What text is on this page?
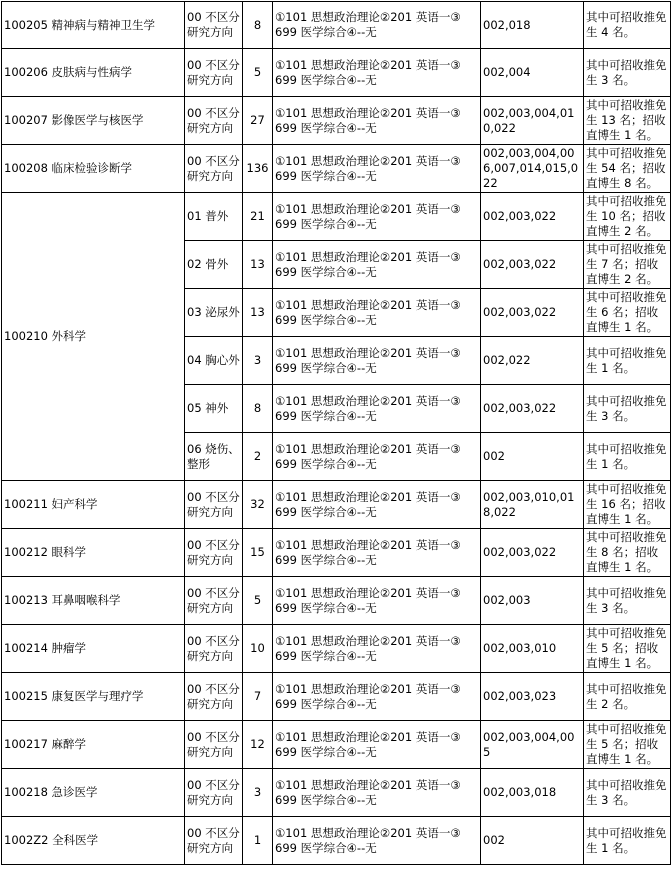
100205 精神病与精神卫生学	00 不区分研究方向	8	①101 思想政治理论②201 英语一③
699 医学综合④--无	002,018	其中可招收推免生 4 名。
100206 皮肤病与性病学	00 不区分研究方向	5	①101 思想政治理论②201 英语一③
699 医学综合④--无	002,004	其中可招收推免生 3 名。
100207 影像医学与核医学	00 不区分研究方向	27	①101 思想政治理论②201 英语一③
699 医学综合④--无	002,003,004,010,022	其中可招收推免生 13 名；招收直博生 1 名。
100208 临床检验诊断学	00 不区分研究方向	136	①101 思想政治理论②201 英语一③
699 医学综合④--无	002,003,004,006,007,014,015,022	其中可招收推免生 54 名；招收直博生 8 名。
100210 外科学	01 普外	21	①101 思想政治理论②201 英语一③
699 医学综合④--无	002,003,022	其中可招收推免生 10 名；招收直博生 2 名。
	02 骨外	13	①101 思想政治理论②201 英语一③
699 医学综合④--无	002,003,022	其中可招收推免生 7 名；招收直博生 2 名。
	03 泌尿外	13	①101 思想政治理论②201 英语一③
699 医学综合④--无	002,003,022	其中可招收推免生 6 名；招收直博生 1 名。
	04 胸心外	3	①101 思想政治理论②201 英语一③
699 医学综合④--无	002,022	其中可招收推免生 1 名。
	05 神外	8	①101 思想政治理论②201 英语一③
699 医学综合④--无	002,003,022	其中可招收推免生 3 名。
	06 烧伤、整形	2	①101 思想政治理论②201 英语一③
699 医学综合④--无	002	其中可招收推免生 1 名。
100211 妇产科学	00 不区分研究方向	32	①101 思想政治理论②201 英语一③
699 医学综合④--无	002,003,010,018,022	其中可招收推免生 16 名；招收直博生 1 名。
100212 眼科学	00 不区分研究方向	15	①101 思想政治理论②201 英语一③
699 医学综合④--无	002,003,022	其中可招收推免生 8 名；招收直博生 1 名。
100213 耳鼻咽喉科学	00 不区分研究方向	5	①101 思想政治理论②201 英语一③
699 医学综合④--无	002,003	其中可招收推免生 3 名。
100214 肿瘤学	00 不区分研究方向	10	①101 思想政治理论②201 英语一③
699 医学综合④--无	002,003,010	其中可招收推免生 5 名；招收直博生 1 名。
100215 康复医学与理疗学	00 不区分研究方向	7	①101 思想政治理论②201 英语一③
699 医学综合④--无	002,003,023	其中可招收推免生 2 名。
100217 麻醉学	00 不区分研究方向	12	①101 思想政治理论②201 英语一③
699 医学综合④--无	002,003,004,005	其中可招收推免生 5 名；招收直博生 1 名。
100218 急诊医学	00 不区分研究方向	3	①101 思想政治理论②201 英语一③
699 医学综合④--无	002,003,018	其中可招收推免生 3 名。
1002Z2 全科医学	00 不区分研究方向	1	①101 思想政治理论②201 英语一③
699 医学综合④--无	002	其中可招收推免生 1 名。
